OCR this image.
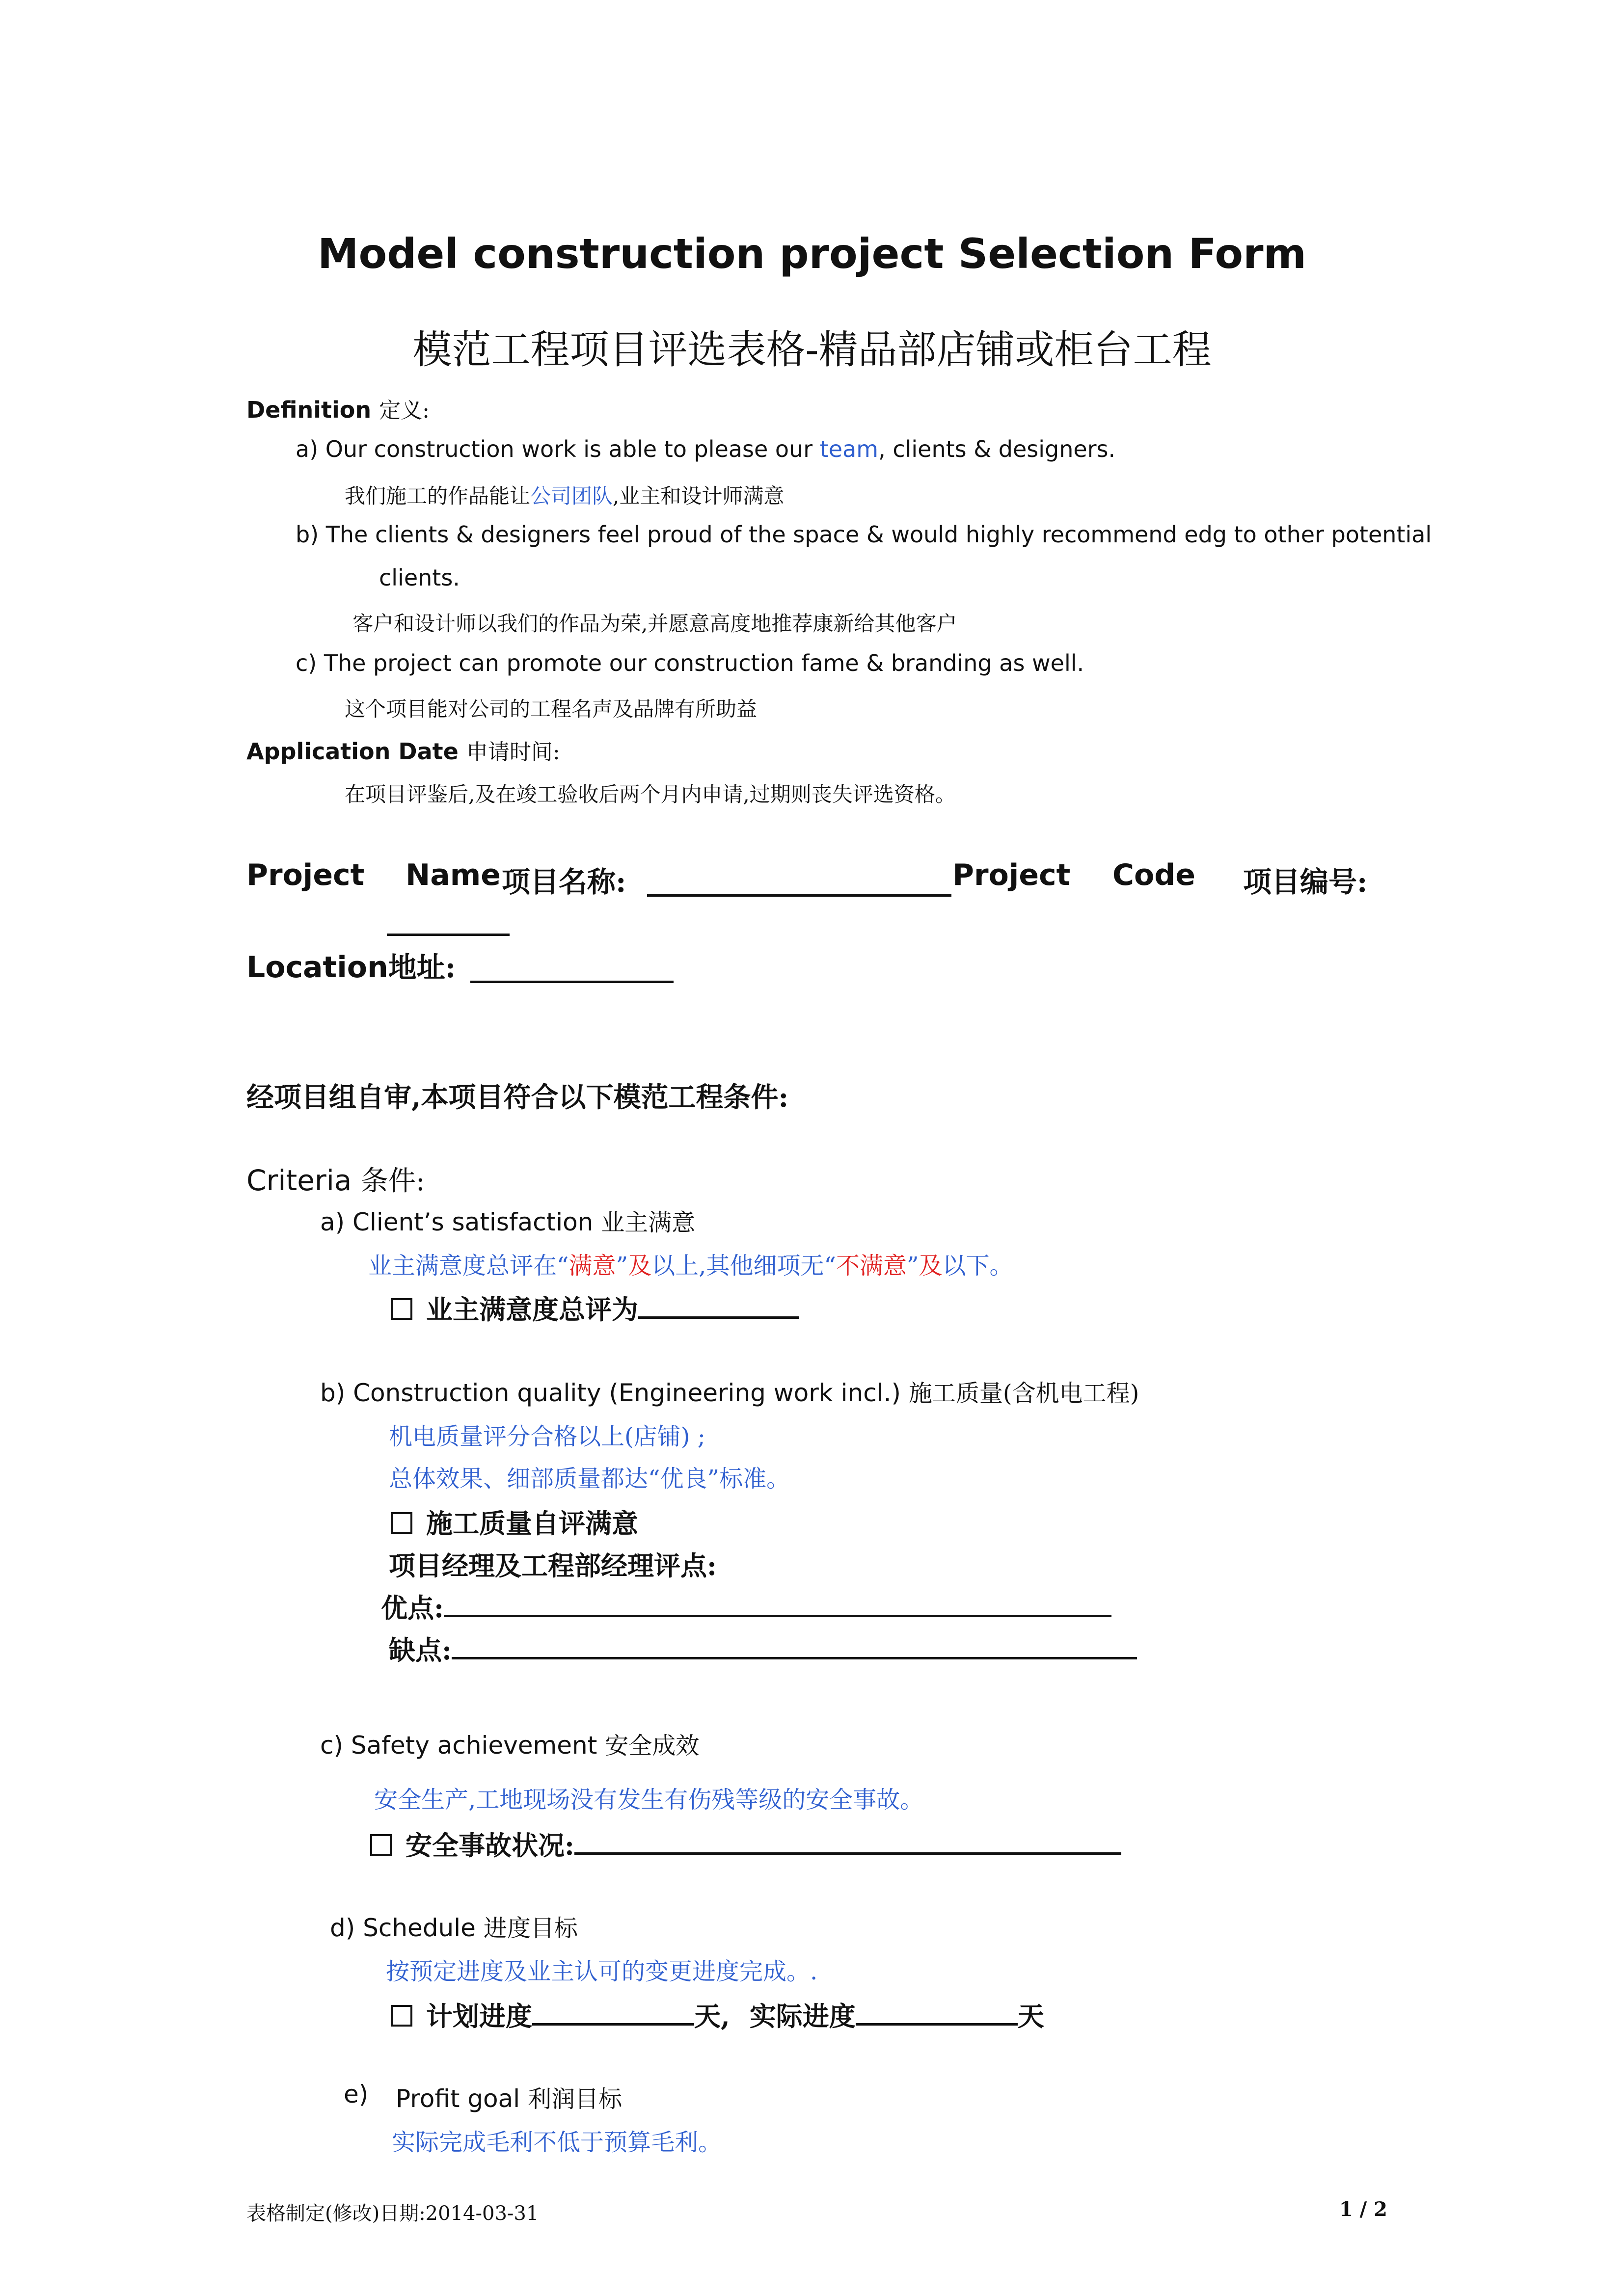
Model construction project Selection Form
模范工程项目评选表格-精品部店铺或柜台工程
Definition 定义:
a) Our construction work is able to please our team, clients & designers.
我们施工的作品能让公司团队,业主和设计师满意
b) The clients & designers feel proud of the space & would highly recommend edg to other potential
clients.
客户和设计师以我们的作品为荣,并愿意高度地推荐康新给其他客户
c) The project can promote our construction fame & branding as well.
这个项目能对公司的工程名声及品牌有所助益
Application Date 申请时间:
在项目评鉴后,及在竣工验收后两个月内申请,过期则丧失评选资格。
Project Name 项目名称:	Project Code 项目编号:
Location地址:
经项目组自审,本项目符合以下模范工程条件:
Criteria 条件:
a) Client’s satisfaction 业主满意
业主满意度总评在“满意”及以上,其他细项无“不满意”及以下。
业主满意度总评为
b) Construction quality (Engineering work incl.) 施工质量(含机电工程)
机电质量评分合格以上(店铺) ;
总体效果、细部质量都达“优良”标准。
施工质量自评满意
项目经理及工程部经理评点:
优点:
缺点:
c) Safety achievement 安全成效
安全生产,工地现场没有发生有伤残等级的安全事故。
安全事故状况:
d) Schedule 进度目标
按预定进度及业主认可的变更进度完成。.
计划进度	天, 实际进度	天
e) Profit goal 利润目标
实际完成毛利不低于预算毛利。
表格制定(修改)日期:2014-03-31	1 / 2
